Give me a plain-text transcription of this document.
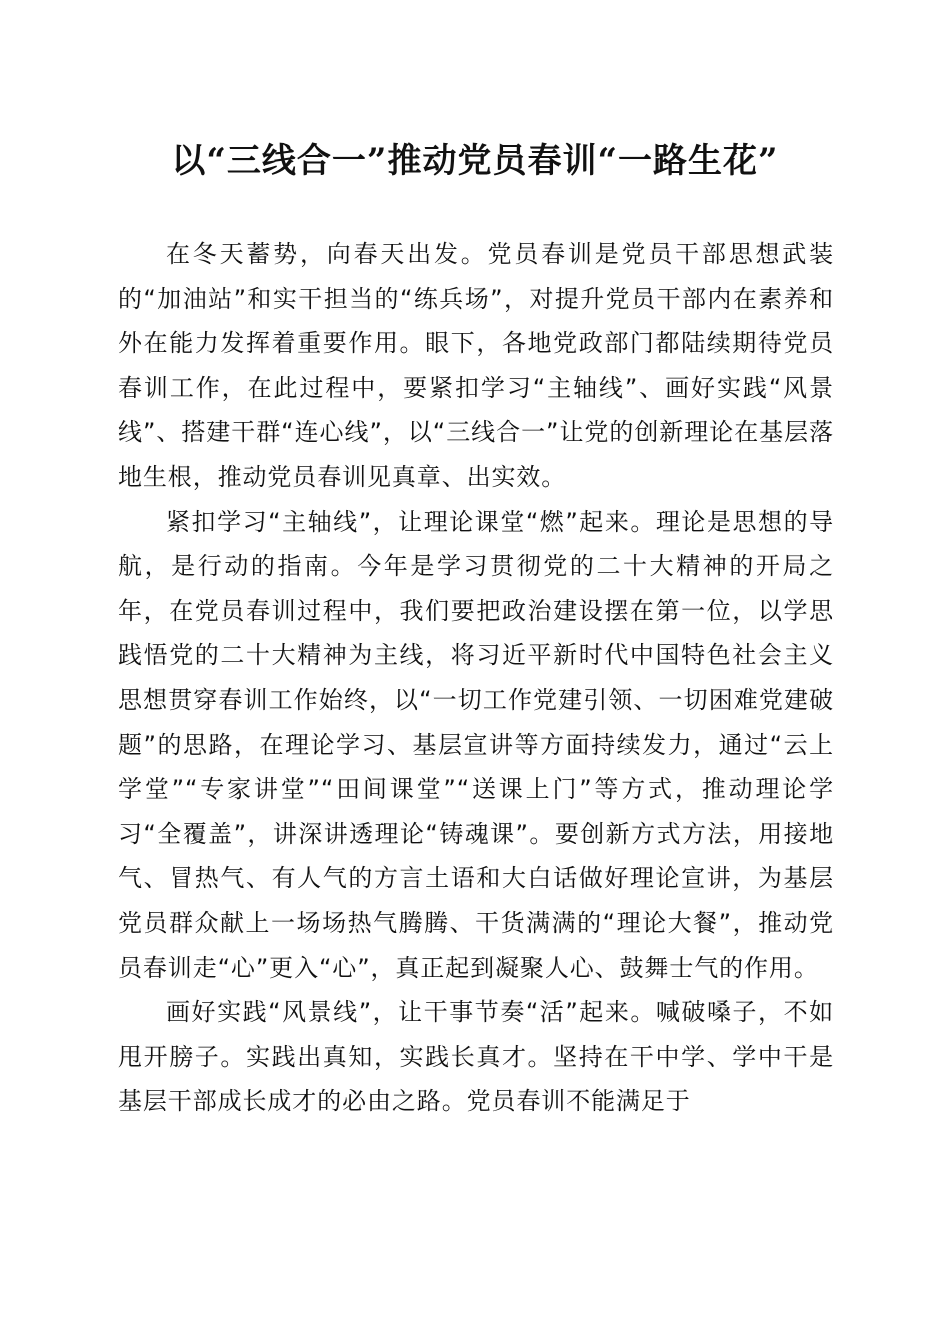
以“三线合一”推动党员春训“一路生花”

在冬天蓄势，向春天出发。党员春训是党员干部思想武装的“加油站”和实干担当的“练兵场”，对提升党员干部内在素养和外在能力发挥着重要作用。眼下，各地党政部门都陆续期待党员春训工作，在此过程中，要紧扣学习“主轴线”、画好实践“风景线”、搭建干群“连心线”，以“三线合一”让党的创新理论在基层落地生根，推动党员春训见真章、出实效。

紧扣学习“主轴线”，让理论课堂“燃”起来。理论是思想的导航，是行动的指南。今年是学习贯彻党的二十大精神的开局之年，在党员春训过程中，我们要把政治建设摆在第一位，以学思践悟党的二十大精神为主线，将习近平新时代中国特色社会主义思想贯穿春训工作始终，以“一切工作党建引领、一切困难党建破题”的思路，在理论学习、基层宣讲等方面持续发力，通过“云上学堂”“专家讲堂”“田间课堂”“送课上门”等方式，推动理论学习“全覆盖”，讲深讲透理论“铸魂课”。要创新方式方法，用接地气、冒热气、有人气的方言土语和大白话做好理论宣讲，为基层党员群众献上一场场热气腾腾、干货满满的“理论大餐”，推动党员春训走“心”更入“心”，真正起到凝聚人心、鼓舞士气的作用。

画好实践“风景线”，让干事节奏“活”起来。喊破嗓子，不如甩开膀子。实践出真知，实践长真才。坚持在干中学、学中干是基层干部成长成才的必由之路。党员春训不能满足于
